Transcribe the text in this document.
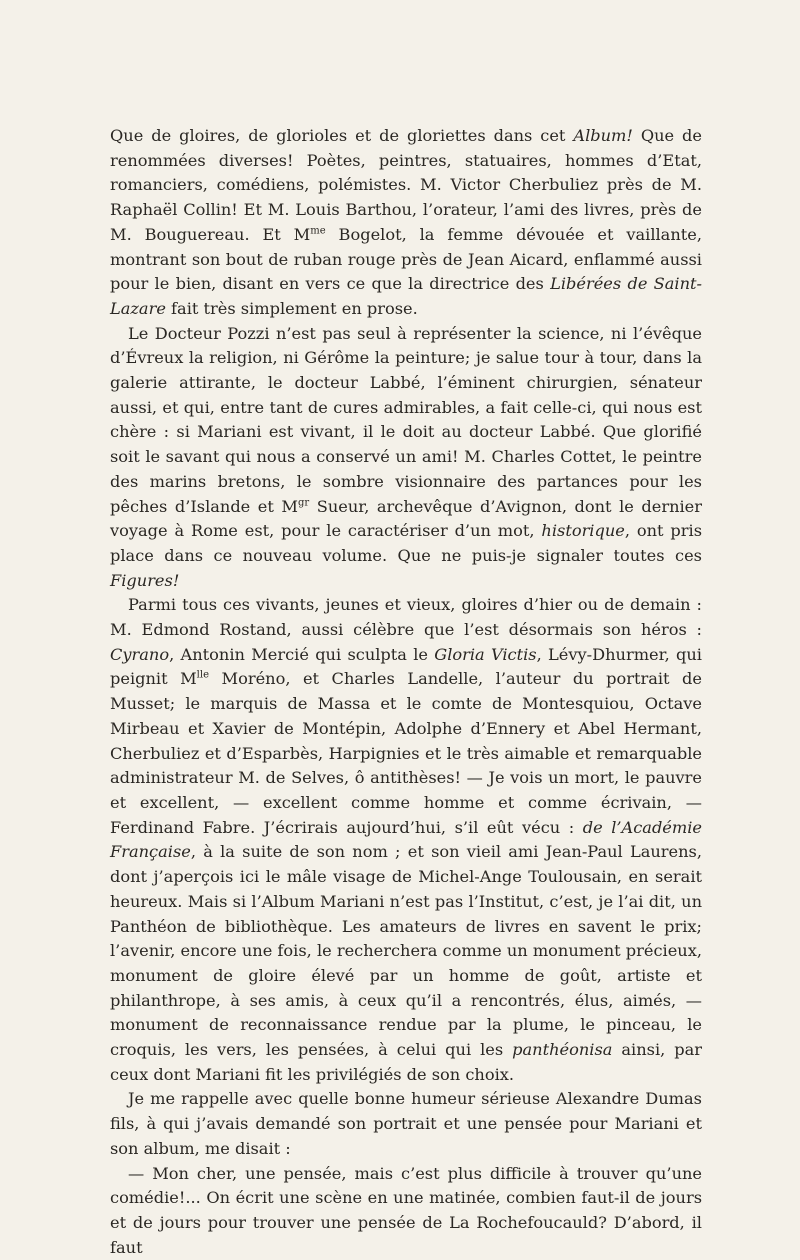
Que de gloires, de glorioles et de gloriettes dans cet Album! Que de renommées diverses! Poètes, peintres, statuaires, hommes d’Etat, romanciers, comédiens, polémistes. M. Victor Cherbuliez près de M. Raphaël Collin! Et M. Louis Barthou, l’orateur, l’ami des livres, près de M. Bouguereau. Et $M^{me}$ Bogelot, la femme dévouée et vaillante, montrant son bout de ruban rouge près de Jean Aicard, enflammé aussi pour le bien, disant en vers ce que la directrice des Libérées de Saint-Lazare fait très simplement en prose.

Le Docteur Pozzi n’est pas seul à représenter la science, ni l’évêque d’Évreux la religion, ni Gérôme la peinture; je salue tour à tour, dans la galerie attirante, le docteur Labbé, l’éminent chirurgien, sénateur aussi, et qui, entre tant de cures admirables, a fait celle-ci, qui nous est chère : si Mariani est vivant, il le doit au docteur Labbé. Que glorifié soit le savant qui nous a conservé un ami! M. Charles Cottet, le peintre des marins bretons, le sombre visionnaire des partances pour les pêches d’Islande et $M^{gr}$ Sueur, archevêque d’Avignon, dont le dernier voyage à Rome est, pour le caractériser d’un mot, historique, ont pris place dans ce nouveau volume. Que ne puis-je signaler toutes ces Figures!

Parmi tous ces vivants, jeunes et vieux, gloires d’hier ou de demain : M. Edmond Rostand, aussi célèbre que l’est désormais son héros : Cyrano, Antonin Mercié qui sculpta le Gloria Victis, Lévy-Dhurmer, qui peignit $M^{lle}$ Moréno, et Charles Landelle, l’auteur du portrait de Musset; le marquis de Massa et le comte de Montesquiou, Octave Mirbeau et Xavier de Montépin, Adolphe d’Ennery et Abel Hermant, Cherbuliez et d’Esparbès, Harpignies et le très aimable et remarquable administrateur M. de Selves, ô antithèses! — Je vois un mort, le pauvre et excellent, — excellent comme homme et comme écrivain, — Ferdinand Fabre. J’écrirais aujourd’hui, s’il eût vécu : de l’Académie Française, à la suite de son nom ; et son vieil ami Jean-Paul Laurens, dont j’aperçois ici le mâle visage de Michel-Ange Toulousain, en serait heureux. Mais si l’Album Mariani n’est pas l’Institut, c’est, je l’ai dit, un Panthéon de bibliothèque. Les amateurs de livres en savent le prix; l’avenir, encore une fois, le recherchera comme un monument précieux, monument de gloire élevé par un homme de goût, artiste et philanthrope, à ses amis, à ceux qu’il a rencontrés, élus, aimés, — monument de reconnaissance rendue par la plume, le pinceau, le croquis, les vers, les pensées, à celui qui les panthéonisa ainsi, par ceux dont Mariani fit les privilégiés de son choix.

Je me rappelle avec quelle bonne humeur sérieuse Alexandre Dumas fils, à qui j’avais demandé son portrait et une pensée pour Mariani et son album, me disait :

— Mon cher, une pensée, mais c’est plus difficile à trouver qu’une comédie!... On écrit une scène en une matinée, combien faut-il de jours et de jours pour trouver une pensée de La Rochefoucauld? D’abord, il faut
